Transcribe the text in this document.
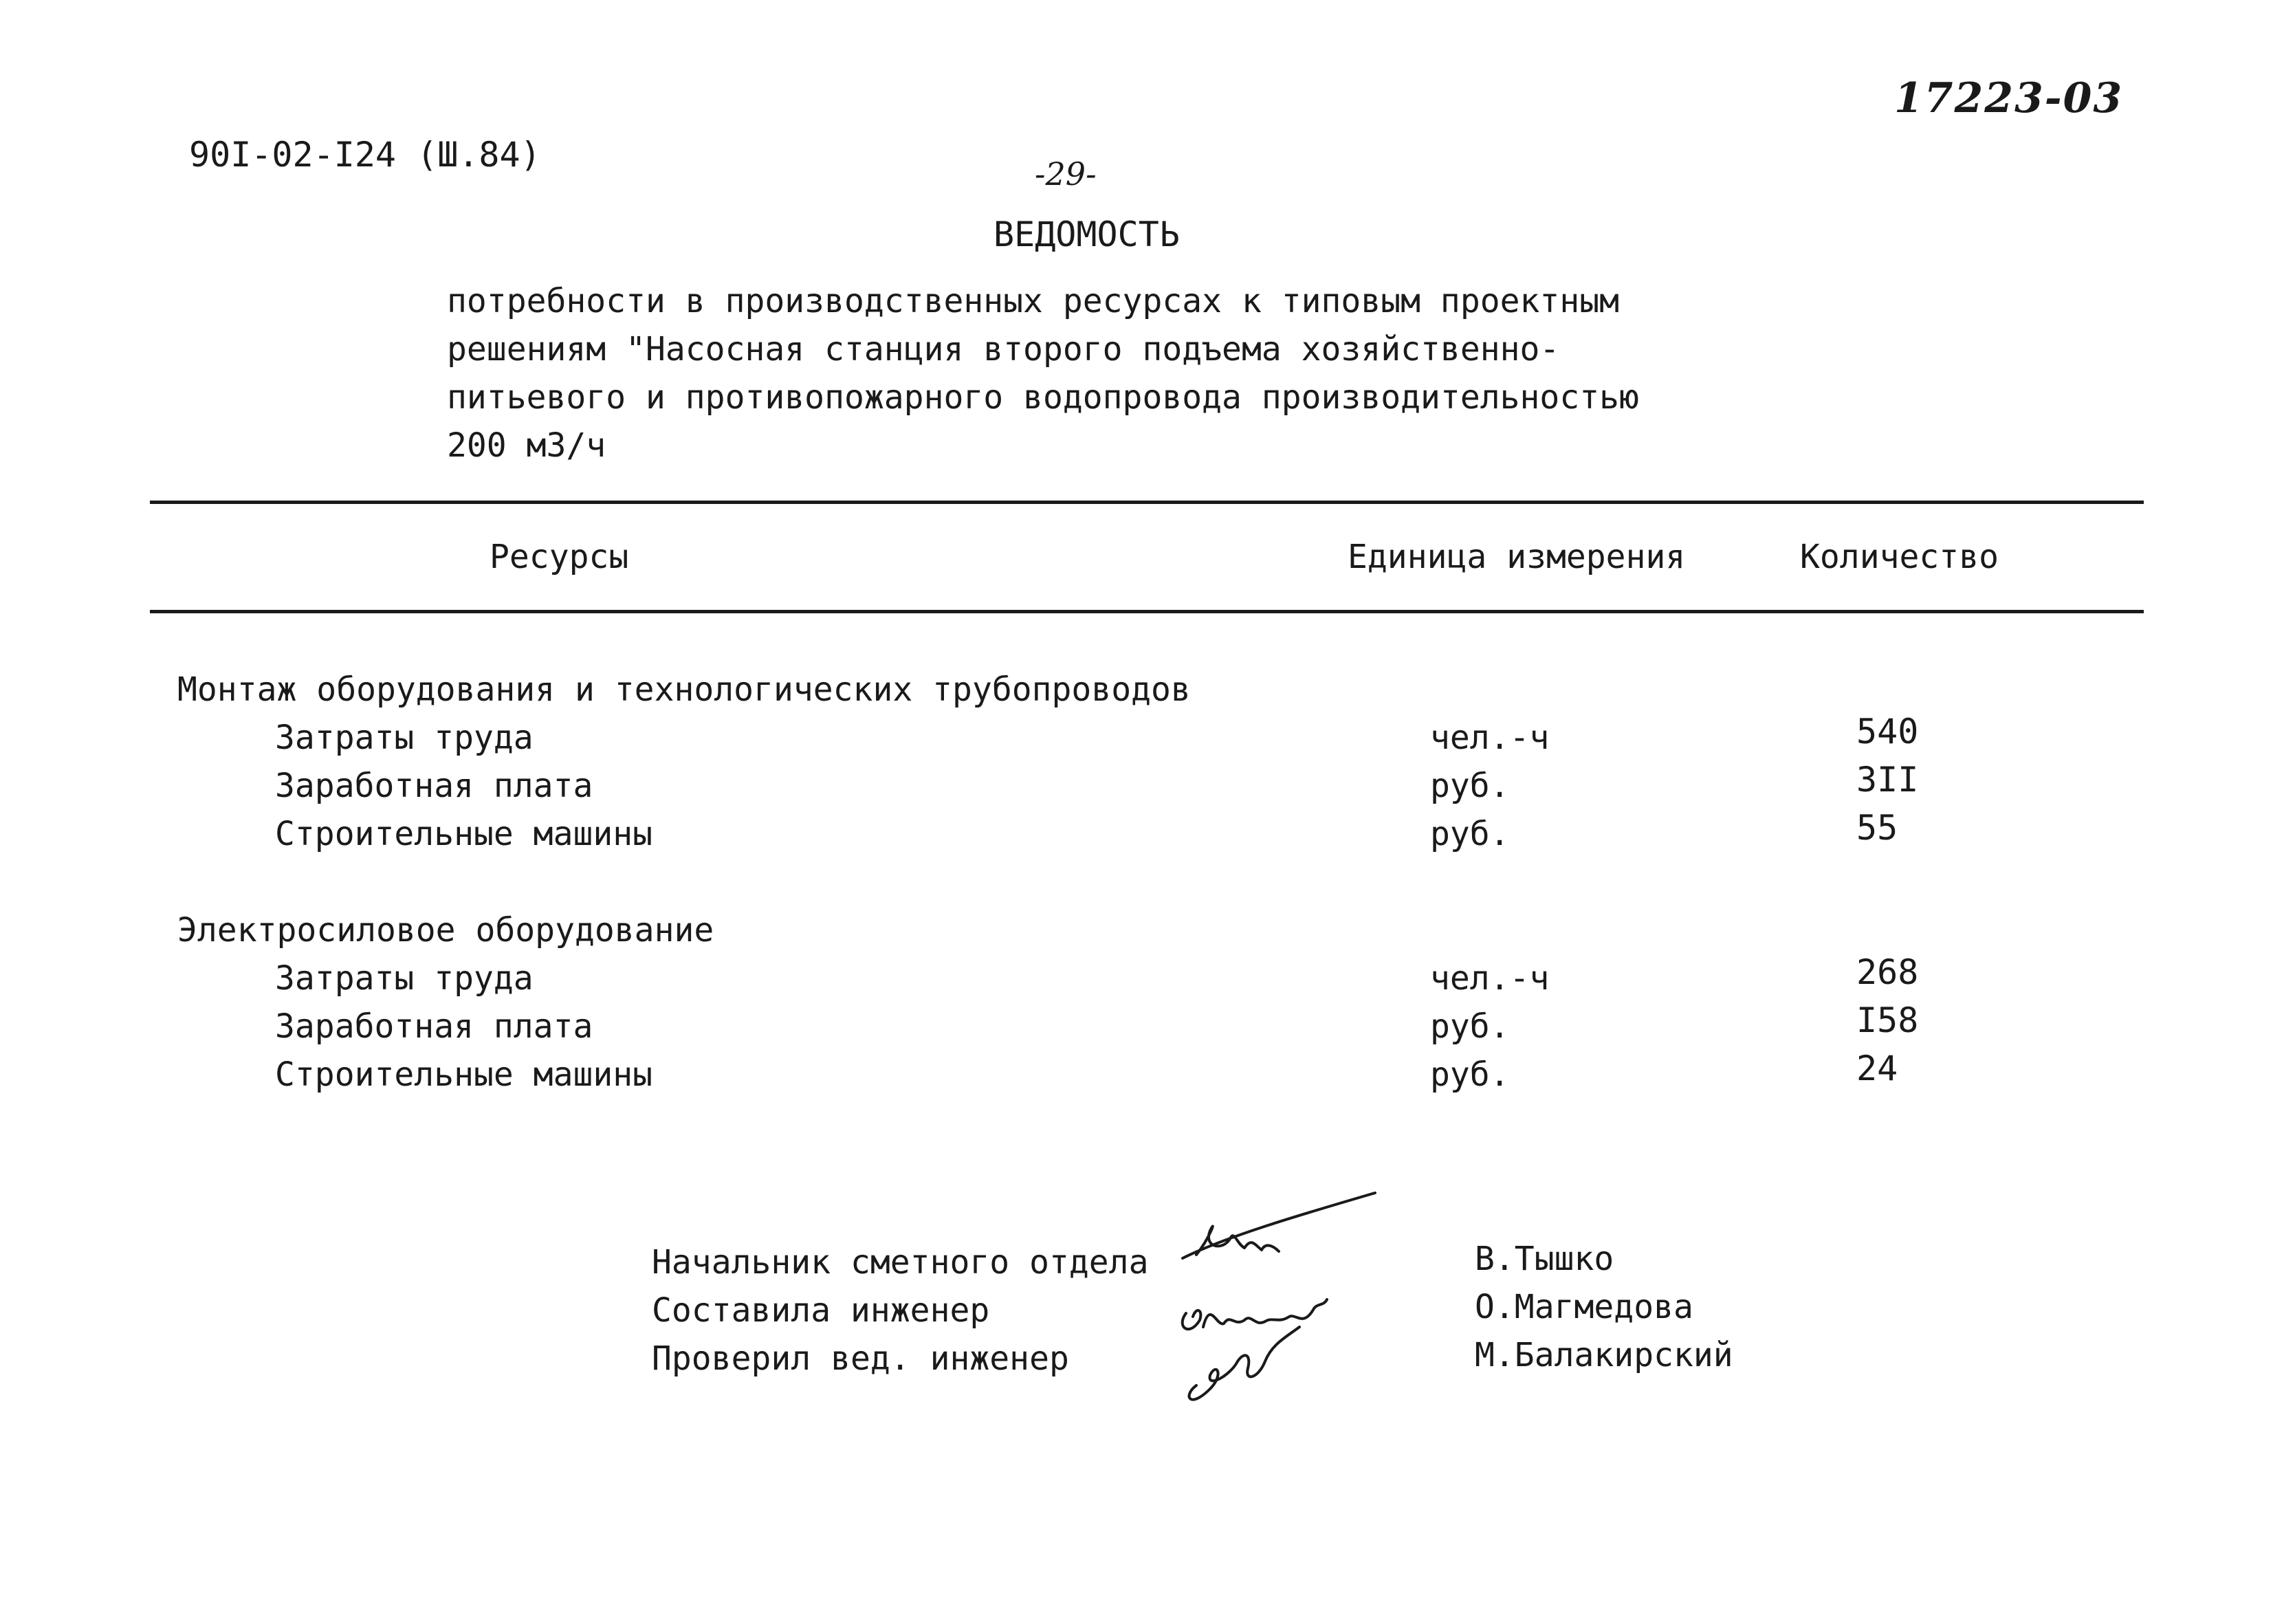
90I-02-I24 (Ш.84)
17223-03
-29-
ВЕДОМОСТЬ
потребности в производственных ресурсах к типовым проектным
решениям "Насосная станция второго подъема хозяйственно-
питьевого и противопожарного водопровода производительностью
200 м3/ч
Ресурсы	Единица измерения	Количество
Монтаж оборудования и технологических трубопроводов
Затраты труда	чел.-ч	540
Заработная плата	руб.	3II
Строительные машины	руб.	55
Электросиловое оборудование
Затраты труда	чел.-ч	268
Заработная плата	руб.	I58
Строительные машины	руб.	24
Начальник сметного отдела	В.Тышко
Составила инженер	О.Магмедова
Проверил вед. инженер	М.Балакирский
